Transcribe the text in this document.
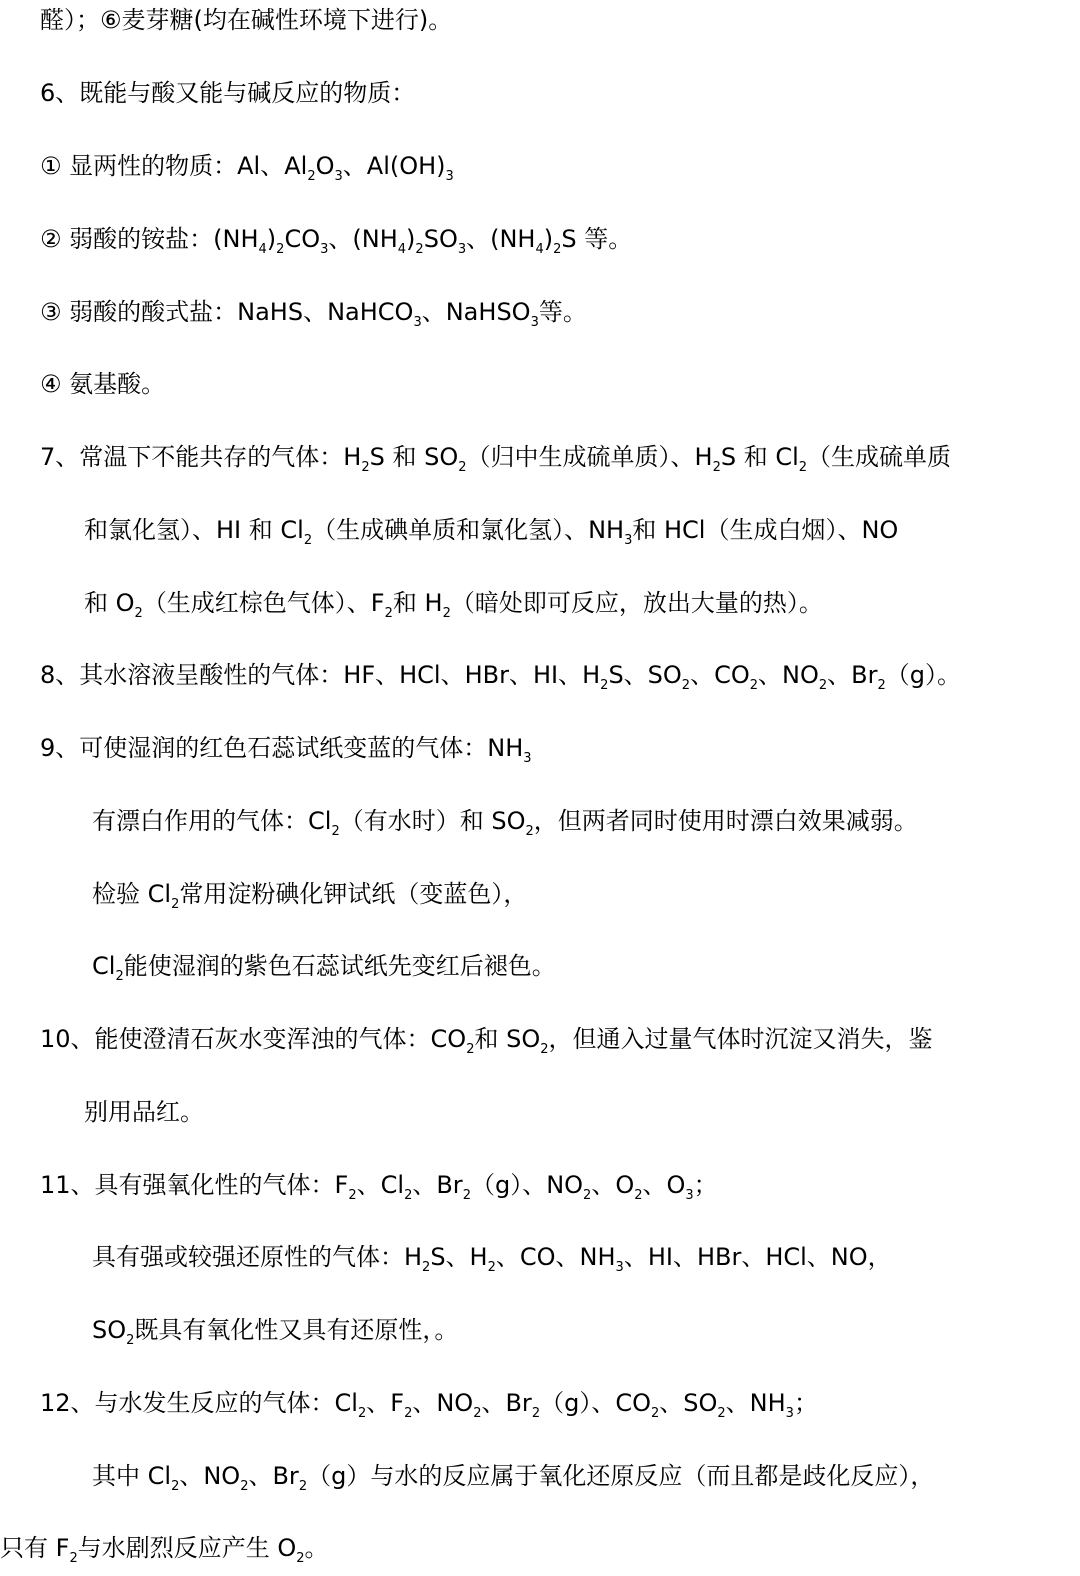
醛）；⑥麦芽糖(均在碱性环境下进行)。
6、既能与酸又能与碱反应的物质：
① 显两性的物质：Al、$Al_2O_3$、$Al(OH)_3$
② 弱酸的铵盐：$(NH_4)_2CO_3$、$(NH_4)_2SO_3$、$(NH_4)_2S$ 等。
③ 弱酸的酸式盐：NaHS、NaHCO$_3$、NaHSO$_3$等。
④ 氨基酸。
7、常温下不能共存的气体：$H_2S$ 和 $SO_2$（归中生成硫单质）、$H_2S$ 和 $Cl_2$（生成硫单质
和氯化氢）、HI 和 $Cl_2$（生成碘单质和氯化氢）、$NH_3$和 HCl（生成白烟）、NO
和 $O_2$（生成红棕色气体）、$F_2$和 $H_2$（暗处即可反应，放出大量的热）。
8、其水溶液呈酸性的气体：HF、HCl、HBr、HI、$H_2S$、$SO_2$、$CO_2$、$NO_2$、$Br_2(g)$。
9、可使湿润的红色石蕊试纸变蓝的气体：$NH_3$
有漂白作用的气体：$Cl_2$（有水时）和 $SO_2$，但两者同时使用时漂白效果减弱。
检验 $Cl_2$常用淀粉碘化钾试纸（变蓝色），
$Cl_2$能使湿润的紫色石蕊试纸先变红后褪色。
10、能使澄清石灰水变浑浊的气体：$CO_2$和 $SO_2$，但通入过量气体时沉淀又消失，鉴
别用品红。
11、具有强氧化性的气体：$F_2$、$Cl_2$、$Br_2(g)$、$NO_2$、$O_2$、$O_3$；
具有强或较强还原性的气体：$H_2S$、$H_2$、CO、$NH_3$、HI、HBr、HCl、NO，
$SO_2$既具有氧化性又具有还原性，。
12、与水发生反应的气体：$Cl_2$、$F_2$、$NO_2$、$Br_2(g)$、$CO_2$、$SO_2$、$NH_3$；
其中 $Cl_2$、$NO_2$、$Br_2(g)$与水的反应属于氧化还原反应（而且都是歧化反应），
只有 $F_2$与水剧烈反应产生 $O_2$。
